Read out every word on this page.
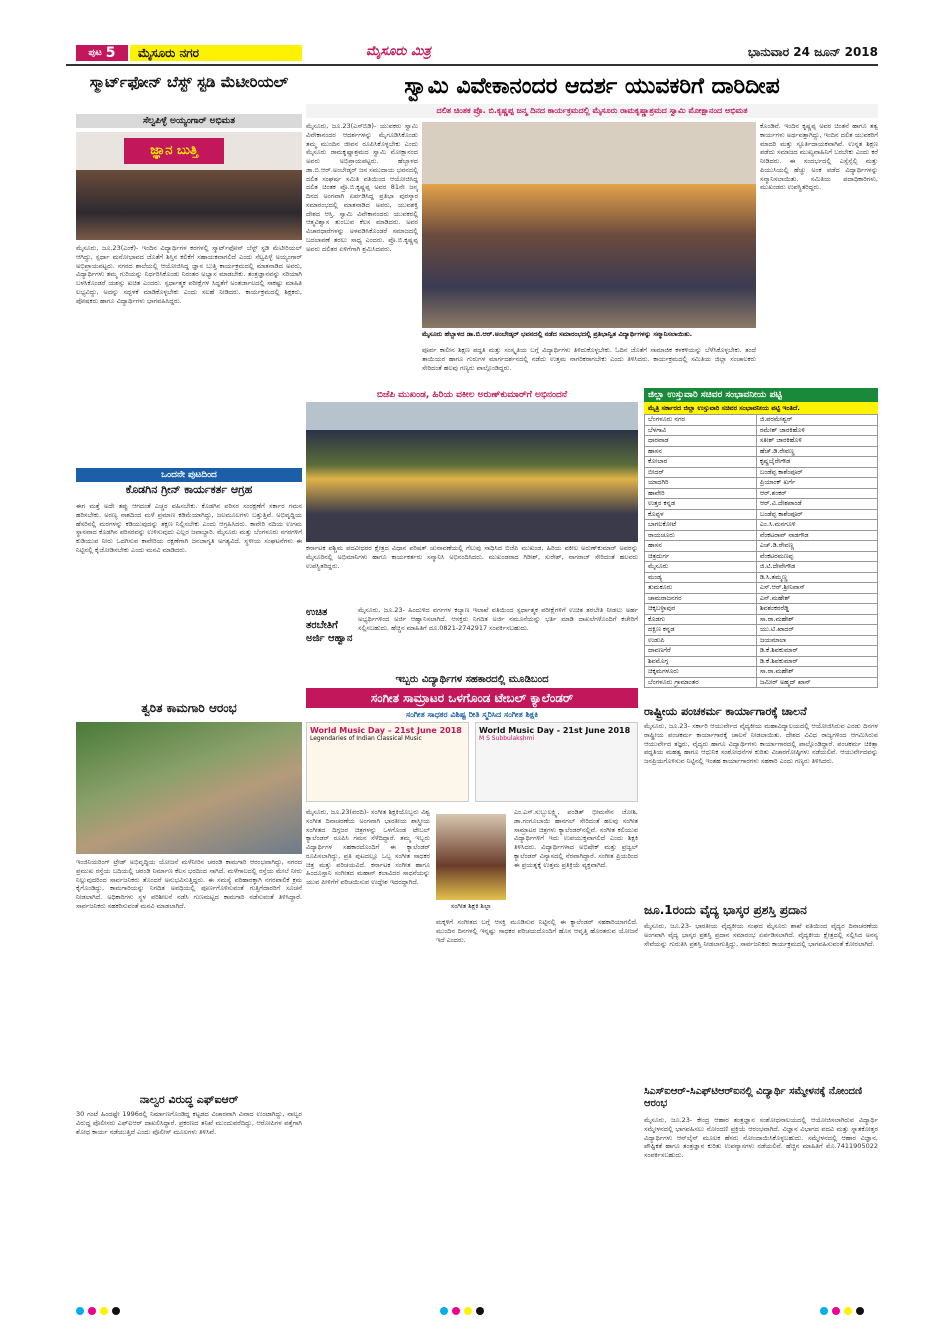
ಪುಟ 5	ಮೈಸೂರು ನಗರ	ಮೈಸೂರು ಮಿತ್ರ	ಭಾನುವಾರ 24 ಜೂನ್ 2018
ಸ್ಮಾರ್ಟ್‌ಫೋನ್ ಬೆಸ್ಟ್ ಸ್ಟಡಿ ಮೆಟೀರಿಯಲ್
ಸೆಲ್ವಪಿಳ್ಳೆ ಅಯ್ಯಂಗಾರ್ ಅಭಿಮತ
ಜ್ಞಾನ ಬುತ್ತಿ
ಮೈಸೂರು, ಜೂ.23(ಎಂಕೆ)- ಇಂದಿನ ವಿದ್ಯಾರ್ಥಿಗಳ ಕರಗಳಲ್ಲಿ ಸ್ಮಾರ್ಟ್‌ಫೋನ್ ಬೆಸ್ಟ್ ಸ್ಟಡಿ ಮೆಟೀರಿಯಲ್ ಆಗಿದ್ದು, ಸ್ಪರ್ಧಾ ಮನೋಭಾವದ ಜೊತೆಗೆ ಶಿಸ್ತಿನ ಕಲಿಕೆಗೆ ಸಹಾಯಕವಾಗಲಿದೆ ಎಂದು ಸೆಲ್ವಪಿಳ್ಳೆ ಅಯ್ಯಂಗಾರ್ ಅಭಿಪ್ರಾಯಪಟ್ಟರು. ನಗರದ ಶಾಲೆಯಲ್ಲಿ ಆಯೋಜಿಸಿದ್ದ ಜ್ಞಾನ ಬುತ್ತಿ ಕಾರ್ಯಕ್ರಮದಲ್ಲಿ ಮಾತನಾಡಿದ ಅವರು, ವಿದ್ಯಾರ್ಥಿಗಳು ತಮ್ಮ ಗುರಿಯನ್ನು ನಿರ್ಧರಿಸಿಕೊಂಡು ನಿರಂತರ ಅಭ್ಯಾಸ ಮಾಡಬೇಕು. ತಂತ್ರಜ್ಞಾನವನ್ನು ಸರಿಯಾಗಿ ಬಳಸಿಕೊಂಡರೆ ಯಶಸ್ಸು ಖಚಿತ ಎಂದರು. ಸ್ಪರ್ಧಾತ್ಮಕ ಪರೀಕ್ಷೆಗಳ ಸಿದ್ಧತೆಗೆ ಅಂತರ್ಜಾಲದಲ್ಲಿ ಸಾಕಷ್ಟು ಮಾಹಿತಿ ಲಭ್ಯವಿದ್ದು, ಅದನ್ನು ಸದ್ಬಳಕೆ ಮಾಡಿಕೊಳ್ಳಬೇಕು ಎಂದು ಸಲಹೆ ನೀಡಿದರು. ಕಾರ್ಯಕ್ರಮದಲ್ಲಿ ಶಿಕ್ಷಕರು, ಪೋಷಕರು ಹಾಗೂ ವಿದ್ಯಾರ್ಥಿಗಳು ಭಾಗವಹಿಸಿದ್ದರು.
ಒಂದನೇ ಪುಟದಿಂದ
ಕೊಡಗಿನ ಗ್ರೀನ್ ಕಾರ್ಯಕರ್ತ ಆಗ್ರಹ
ಈಗ ಮತ್ತೆ ಅದೇ ತಪ್ಪು ಆಗದಂತೆ ಎಚ್ಚರ ವಹಿಸಬೇಕು. ಕೊಡಗಿನ ಪರಿಸರ ಸಂರಕ್ಷಣೆಗೆ ಸರ್ಕಾರ ಗಮನ ಹರಿಸಬೇಕು. ಅರಣ್ಯ ನಾಶದಿಂದ ಮಳೆ ಪ್ರಮಾಣ ಕಡಿಮೆಯಾಗಿದ್ದು, ಜಲಮೂಲಗಳು ಬತ್ತುತ್ತಿವೆ. ಅಭಿವೃದ್ಧಿಯ ಹೆಸರಿನಲ್ಲಿ ಮರಗಳನ್ನು ಕಡಿಯುವುದನ್ನು ತಕ್ಷಣ ನಿಲ್ಲಿಸಬೇಕು ಎಂದು ಆಗ್ರಹಿಸಿದರು. ಕಾವೇರಿ ನದಿಯ ಉಗಮ ಸ್ಥಾನವಾದ ಕೊಡಗಿನ ಪರಿಸರವನ್ನು ಉಳಿಸುವುದು ಎಲ್ಲರ ಜವಾಬ್ದಾರಿ. ಮೈಸೂರು ಮತ್ತು ಬೆಂಗಳೂರು ನಗರಗಳಿಗೆ ಕುಡಿಯುವ ನೀರು ಒದಗಿಸುವ ಕಾವೇರಿಯ ರಕ್ಷಣೆಗಾಗಿ ಜನಜಾಗೃತಿ ಅಗತ್ಯವಿದೆ. ಸ್ಥಳೀಯ ಸಂಘಟನೆಗಳು ಈ ನಿಟ್ಟಿನಲ್ಲಿ ಕೈಜೋಡಿಸಬೇಕು ಎಂದು ಮನವಿ ಮಾಡಿದರು.
ತ್ವರಿತ ಕಾಮಗಾರಿ ಆರಂಭ
ಇಂಜಿನಿಯರಿಂಗ್ ಟ್ರೇಡ್ ಅಭಿವೃದ್ಧಿಯ ಯೋಜನೆ ಮಳೆನೀರಿನ ಚರಂಡಿ ಕಾಮಗಾರಿ ಆರಂಭವಾಗಿದ್ದು, ನಗರದ ಪ್ರಮುಖ ರಸ್ತೆಯ ಬದಿಯಲ್ಲಿ ಚರಂಡಿ ನಿರ್ಮಾಣ ಕೆಲಸ ಭರದಿಂದ ಸಾಗಿದೆ. ಮಳೆಗಾಲದಲ್ಲಿ ರಸ್ತೆಯ ಮೇಲೆ ನೀರು ನಿಲ್ಲುವುದರಿಂದ ಸಾರ್ವಜನಿಕರು ತೊಂದರೆ ಅನುಭವಿಸುತ್ತಿದ್ದರು. ಈ ಸಮಸ್ಯೆ ಪರಿಹಾರಕ್ಕಾಗಿ ನಗರಪಾಲಿಕೆ ಕ್ರಮ ಕೈಗೊಂಡಿದ್ದು, ಕಾಮಗಾರಿಯನ್ನು ನಿಗದಿತ ಅವಧಿಯಲ್ಲಿ ಪೂರ್ಣಗೊಳಿಸುವಂತೆ ಗುತ್ತಿಗೆದಾರರಿಗೆ ಸೂಚನೆ ನೀಡಲಾಗಿದೆ. ಅಧಿಕಾರಿಗಳು ಸ್ಥಳ ಪರಿಶೀಲನೆ ನಡೆಸಿ ಗುಣಮಟ್ಟದ ಕಾಮಗಾರಿ ನಡೆಸುವಂತೆ ತಿಳಿಸಿದ್ದಾರೆ. ಸಾರ್ವಜನಿಕರು ಸಹಕರಿಸುವಂತೆ ಮನವಿ ಮಾಡಲಾಗಿದೆ.
ನಾಲ್ವರ ವಿರುದ್ಧ ಎಫ್‌ಐಆರ್
30 ಗಂಟೆ ಹಿಂದಷ್ಟೇ 1996ರಲ್ಲಿ ನಿರ್ಮಾಣಗೊಂಡಿದ್ದ ಕಟ್ಟಡದ ವಿಚಾರವಾಗಿ ವಿವಾದ ಉಂಟಾಗಿದ್ದು, ನಾಲ್ವರ ವಿರುದ್ಧ ಪೊಲೀಸರು ಎಫ್‌ಐಆರ್ ದಾಖಲಿಸಿದ್ದಾರೆ. ಪ್ರಕರಣದ ತನಿಖೆ ಮುಂದುವರೆದಿದ್ದು, ಆರೋಪಿಗಳ ಪತ್ತೆಗಾಗಿ ಶೋಧ ಕಾರ್ಯ ನಡೆಯುತ್ತಿದೆ ಎಂದು ಪೊಲೀಸ್ ಮೂಲಗಳು ತಿಳಿಸಿವೆ.
ಸ್ವಾಮಿ ವಿವೇಕಾನಂದರ ಆದರ್ಶ ಯುವಕರಿಗೆ ದಾರಿದೀಪ
ದಲಿತ ಚಿಂತಕ ಪ್ರೊ. ಬಿ.ಕೃಷ್ಣಪ್ಪ ಜನ್ಮ ದಿನದ ಕಾರ್ಯಕ್ರಮದಲ್ಲಿ ಮೈಸೂರು ರಾಮಕೃಷ್ಣಾಶ್ರಮದ ಸ್ವಾಮಿ ಮೋಕ್ಷಾನಂದ ಅಭಿಮತ
ಮೈಸೂರು, ಜೂ.23(ಎಸ್‌ಬಿಡಿ)- ಯುವಕರು ಸ್ವಾಮಿ ವಿವೇಕಾನಂದರ ಆದರ್ಶಗಳನ್ನು ಮೈಗೂಡಿಸಿಕೊಂಡು ತಮ್ಮ ಮುಂದಿನ ಜೀವನ ರೂಪಿಸಿಕೊಳ್ಳಬೇಕು ಎಂದು ಮೈಸೂರು ರಾಮಕೃಷ್ಣಾಶ್ರಮದ ಸ್ವಾಮಿ ಮೋಕ್ಷಾನಂದ ಅವರು ಅಭಿಪ್ರಾಯಪಟ್ಟರು. ಹೆಬ್ಬಾಳದ ಡಾ.ಬಿ.ಆರ್.ಅಂಬೇಡ್ಕರ್ ಜನ ಸಮುದಾಯ ಭವನದಲ್ಲಿ ದಲಿತ ಸಂಘರ್ಷ ಸಮಿತಿ ವತಿಯಿಂದ ಆಯೋಜಿಸಿದ್ದ ದಲಿತ ಚಿಂತಕ ಪ್ರೊ.ಬಿ.ಕೃಷ್ಣಪ್ಪ ಅವರ 81ನೇ ಜನ್ಮ ದಿನದ ಅಂಗವಾಗಿ ಏರ್ಪಡಿಸಿದ್ದ ಪ್ರತಿಭಾ ಪುರಸ್ಕಾರ ಸಮಾರಂಭದಲ್ಲಿ ಮಾತನಾಡಿದ ಅವರು, ಯುವಶಕ್ತಿ ದೇಶದ ಆಸ್ತಿ. ಸ್ವಾಮಿ ವಿವೇಕಾನಂದರು ಯುವಕರಲ್ಲಿ ಆತ್ಮವಿಶ್ವಾಸ ತುಂಬುವ ಕೆಲಸ ಮಾಡಿದರು. ಅವರ ವಿಚಾರಧಾರೆಗಳನ್ನು ಅಳವಡಿಸಿಕೊಂಡರೆ ಸಮಾಜದಲ್ಲಿ ಬದಲಾವಣೆ ತರಲು ಸಾಧ್ಯ ಎಂದರು. ಪ್ರೊ.ಬಿ.ಕೃಷ್ಣಪ್ಪ ಅವರು ದಲಿತರ ಏಳಿಗೆಗಾಗಿ ಶ್ರಮಿಸಿದವರು.
ಮೈಸೂರು ಹೆಬ್ಬಾಳದ ಡಾ.ಬಿ.ಆರ್.ಅಂಬೇಡ್ಕರ್ ಭವನದಲ್ಲಿ ನಡೆದ ಸಮಾರಂಭದಲ್ಲಿ ಪ್ರತಿಭಾನ್ವಿತ ವಿದ್ಯಾರ್ಥಿಗಳನ್ನು ಸನ್ಮಾನಿಸಲಾಯಿತು.
ಪೂರ್ವ ಕಾಲೀನ ಶಿಕ್ಷಣ ಪದ್ಧತಿ ಮತ್ತು ಸಂಸ್ಕೃತಿಯ ಬಗ್ಗೆ ವಿದ್ಯಾರ್ಥಿಗಳು ತಿಳಿದುಕೊಳ್ಳಬೇಕು. ಓದಿನ ಜೊತೆಗೆ ಸಾಮಾಜಿಕ ಕಳಕಳಿಯನ್ನು ಬೆಳೆಸಿಕೊಳ್ಳಬೇಕು. ತಂದೆ ತಾಯಿಯರ ಹಾಗೂ ಗುರುಗಳ ಮಾರ್ಗದರ್ಶನದಲ್ಲಿ ನಡೆದು ಉತ್ತಮ ನಾಗರಿಕರಾಗಬೇಕು ಎಂದು ತಿಳಿಸಿದರು. ಕಾರ್ಯಕ್ರಮದಲ್ಲಿ ಸಮಿತಿಯ ಜಿಲ್ಲಾ ಸಂಚಾಲಕರು ಸೇರಿದಂತೆ ಹಲವು ಗಣ್ಯರು ಪಾಲ್ಗೊಂಡಿದ್ದರು.
ಕೊಂಡಿವೆ. ಇಂದಿನ ಕೃಷ್ಣಪ್ಪ ಅವರ ಚಿಂತನೆ ಹಾಗೂ ತತ್ವ ಕಾರ್ಯಗಳು ಅರ್ಥವತ್ತಾಗಿದ್ದು, ಇಂದಿನ ದಲಿತ ಯುವಕರಿಗೆ ಮಾದರಿ ಮತ್ತು ಸ್ಫೂರ್ತಿದಾಯಕವಾಗಿವೆ. ಉನ್ನತ ಶಿಕ್ಷಣ ಪಡೆದು ಸಮಾಜದ ಮುಖ್ಯವಾಹಿನಿಗೆ ಬರಬೇಕು ಎಂದು ಕರೆ ನೀಡಿದರು. ಈ ಸಂದರ್ಭದಲ್ಲಿ ಎಸ್ಸೆಸ್ಸೆಲ್ಸಿ ಮತ್ತು ಪಿಯುಸಿಯಲ್ಲಿ ಹೆಚ್ಚು ಅಂಕ ಪಡೆದ ವಿದ್ಯಾರ್ಥಿಗಳನ್ನು ಸನ್ಮಾನಿಸಲಾಯಿತು. ಸಮಿತಿಯ ಪದಾಧಿಕಾರಿಗಳು, ಮುಖಂಡರು ಉಪಸ್ಥಿತರಿದ್ದರು.
ಬಿಜೆಪಿ ಮುಖಂಡ, ಹಿರಿಯ ವಕೀಲ ಅರುಣ್‌ಕುಮಾರ್‌ಗೆ ಅಭಿನಂದನೆ
ಕರ್ನಾಟಕ ಪಶ್ಚಿಮ ಪದವೀಧರರ ಕ್ಷೇತ್ರದ ವಿಧಾನ ಪರಿಷತ್ ಚುನಾವಣೆಯಲ್ಲಿ ಗೆಲುವು ಸಾಧಿಸಿದ ಬಿಜೆಪಿ ಮುಖಂಡ, ಹಿರಿಯ ವಕೀಲ ಅರುಣ್‌ಕುಮಾರ್ ಅವರನ್ನು ಮೈಸೂರಿನಲ್ಲಿ ಅಭಿಮಾನಿಗಳು ಹಾಗೂ ಕಾರ್ಯಕರ್ತರು ಸನ್ಮಾನಿಸಿ ಅಭಿನಂದಿಸಿದರು. ಮುಖಂಡರಾದ ಗಿರೀಶ್, ಸುರೇಶ್, ನಾಗರಾಜ್ ಸೇರಿದಂತೆ ಹಲವರು ಉಪಸ್ಥಿತರಿದ್ದರು.
ಉಚಿತ ತರಬೇತಿಗೆ ಅರ್ಜಿ ಆಹ್ವಾನ
ಮೈಸೂರು, ಜೂ.23- ಹಿಂದುಳಿದ ವರ್ಗಗಳ ಕಲ್ಯಾಣ ಇಲಾಖೆ ವತಿಯಿಂದ ಸ್ಪರ್ಧಾತ್ಮಕ ಪರೀಕ್ಷೆಗಳಿಗೆ ಉಚಿತ ತರಬೇತಿ ನೀಡಲು ಅರ್ಹ ಅಭ್ಯರ್ಥಿಗಳಿಂದ ಅರ್ಜಿ ಆಹ್ವಾನಿಸಲಾಗಿದೆ. ಆಸಕ್ತರು ನಿಗದಿತ ಅರ್ಜಿ ನಮೂನೆಯನ್ನು ಭರ್ತಿ ಮಾಡಿ ದಾಖಲೆಗಳೊಂದಿಗೆ ಕಚೇರಿಗೆ ಸಲ್ಲಿಸಬಹುದು. ಹೆಚ್ಚಿನ ಮಾಹಿತಿಗೆ ದೂ.0821-2742917 ಸಂಪರ್ಕಿಸಬಹುದು.
ಇಬ್ಬರು ವಿದ್ಯಾರ್ಥಿಗಳ ಸಹಕಾರದಲ್ಲಿ ಮೂಡಿಬಂದ
ಸಂಗೀತ ಸಾಮ್ರಾಟರ ಒಳಗೊಂಡ ಟೇಬಲ್ ಕ್ಯಾಲೆಂಡರ್
ಸಂಗೀತ ಸಾಧಕರ ವಿಶಿಷ್ಟ ರೀತಿ ಸ್ಮರಿಸಿದ ಸಂಗೀತ ಶಿಕ್ಷಕಿ
World Music Day – 21st June 2018
Legendaries of Indian Classical Music
World Music Day - 21st June 2018
M S Subbulakshmi
ಸಂಗೀತ ಶಿಕ್ಷಕಿ ಶಿಲ್ಪಾ
ಮೈಸೂರು, ಜೂ.23(ವರದಿ)- ಸಂಗೀತ ಶಿಕ್ಷಕಿಯೊಬ್ಬರು ವಿಶ್ವ ಸಂಗೀತ ದಿನಾಚರಣೆಯ ಅಂಗವಾಗಿ ಭಾರತೀಯ ಶಾಸ್ತ್ರೀಯ ಸಂಗೀತದ ದಿಗ್ಗಜರ ಚಿತ್ರಗಳನ್ನು ಒಳಗೊಂಡ ಟೇಬಲ್ ಕ್ಯಾಲೆಂಡರ್ ರೂಪಿಸಿ ಗಮನ ಸೆಳೆದಿದ್ದಾರೆ. ತಮ್ಮ ಇಬ್ಬರು ವಿದ್ಯಾರ್ಥಿಗಳ ಸಹಕಾರದೊಂದಿಗೆ ಈ ಕ್ಯಾಲೆಂಡರ್ ರೂಪಿಸಲಾಗಿದ್ದು, ಪ್ರತಿ ಪುಟದಲ್ಲೂ ಒಬ್ಬ ಸಂಗೀತ ಸಾಧಕರ ಚಿತ್ರ ಮತ್ತು ಪರಿಚಯವಿದೆ. ಕರ್ನಾಟಕ ಸಂಗೀತ ಹಾಗೂ ಹಿಂದೂಸ್ತಾನಿ ಸಂಗೀತದ ಮಹಾನ್ ಕಲಾವಿದರ ಸಾಧನೆಯನ್ನು ಯುವ ಪೀಳಿಗೆಗೆ ಪರಿಚಯಿಸುವ ಉದ್ದೇಶ ಇದರದ್ದಾಗಿದೆ.
ಎಂ.ಎಸ್.ಸುಬ್ಬುಲಕ್ಷ್ಮಿ, ಪಂಡಿತ್ ಭೀಮಸೇನ ಜೋಶಿ, ಡಾ.ಗಂಗೂಬಾಯಿ ಹಾನಗಲ್ ಸೇರಿದಂತೆ ಹಲವು ಸಂಗೀತ ಸಾಮ್ರಾಟರ ಚಿತ್ರಗಳು ಕ್ಯಾಲೆಂಡರ್‌ನಲ್ಲಿವೆ. ಸಂಗೀತ ಕಲಿಯುವ ವಿದ್ಯಾರ್ಥಿಗಳಿಗೆ ಇದು ಉಪಯುಕ್ತವಾಗಲಿದೆ ಎಂದು ಶಿಕ್ಷಕಿ ತಿಳಿಸಿದರು. ವಿದ್ಯಾರ್ಥಿಗಳಾದ ಅಭಿಷೇಕ್ ಮತ್ತು ಪ್ರಜ್ವಲ್ ಕ್ಯಾಲೆಂಡರ್ ವಿನ್ಯಾಸದಲ್ಲಿ ನೆರವಾಗಿದ್ದಾರೆ. ಸಂಗೀತ ಪ್ರಿಯರಿಂದ ಈ ಪ್ರಯತ್ನಕ್ಕೆ ಉತ್ತಮ ಪ್ರತಿಕ್ರಿಯೆ ವ್ಯಕ್ತವಾಗಿದೆ.
ಮಕ್ಕಳಿಗೆ ಸಂಗೀತದ ಬಗ್ಗೆ ಆಸಕ್ತಿ ಮೂಡಿಸುವ ನಿಟ್ಟಿನಲ್ಲಿ ಈ ಕ್ಯಾಲೆಂಡರ್ ಸಹಕಾರಿಯಾಗಲಿದೆ. ಮುಂದಿನ ದಿನಗಳಲ್ಲಿ ಇನ್ನಷ್ಟು ಸಾಧಕರ ಪರಿಚಯದೊಂದಿಗೆ ಹೊಸ ಆವೃತ್ತಿ ಹೊರತರುವ ಯೋಜನೆ ಇದೆ ಎಂದರು.
ಜಿಲ್ಲಾ ಉಸ್ತುವಾರಿ ಸಚಿವರ ಸಂಭಾವನೀಯ ಪಟ್ಟಿ
ಮೈತ್ರಿ ಸರ್ಕಾರದ ಜಿಲ್ಲಾ ಉಸ್ತುವಾರಿ ಸಚಿವರ ಸಂಭಾವನೀಯ ಪಟ್ಟಿ ಇಂತಿದೆ.
ಬೆಂಗಳೂರು ನಗರ	ಜಿ.ಪರಮೇಶ್ವರ್
ಬೆಳಗಾವಿ	ರಮೇಶ್ ಜಾರಕಿಹೊಳಿ
ಧಾರವಾಡ	ಸತೀಶ್ ಜಾರಕಿಹೊಳಿ
ಹಾಸನ	ಹೆಚ್.ಡಿ.ರೇವಣ್ಣ
ಕೋಲಾರ	ಕೃಷ್ಣಬೈರೇಗೌಡ
ಬೀದರ್	ಬಂಡೆಪ್ಪ ಕಾಶೆಂಪೂರ್
ಯಾದಗಿರಿ	ಪ್ರಿಯಾಂಕ್ ಖರ್ಗೆ
ಹಾವೇರಿ	ಆರ್.ಶಂಕರ್
ಉತ್ತರ ಕನ್ನಡ	ಆರ್.ವಿ.ದೇಶಪಾಂಡೆ
ಕೊಪ್ಪಳ	ಬಂಡೆಪ್ಪ ಕಾಶೆಂಪೂರ್
ಬಾಗಲಕೋಟೆ	ಎಂ.ಸಿ.ಮನಗೂಳಿ
ರಾಯಚೂರು	ವೆಂಕಟರಾವ್ ನಾಡಗೌಡ
ಹಾಸನ	ಎಚ್.ಡಿ.ರೇವಣ್ಣ
ಚಿತ್ರದುರ್ಗ	ವೆಂಕಟರಮಣಪ್ಪ
ಮೈಸೂರು	ಜಿ.ಟಿ.ದೇವೇಗೌಡ
ಮಂಡ್ಯ	ಡಿ.ಸಿ.ತಮ್ಮಣ್ಣ
ತುಮಕೂರು	ಎಸ್.ಆರ್.ಶ್ರೀನಿವಾಸ್
ಚಾಮರಾಜನಗರ	ಎನ್.ಮಹೇಶ್
ಚಿಕ್ಕಬಳ್ಳಾಪುರ	ಶಿವಶಂಕರರೆಡ್ಡಿ
ಕೊಡಗು	ಸಾ.ರಾ.ಮಹೇಶ್
ದಕ್ಷಿಣ ಕನ್ನಡ	ಯು.ಟಿ.ಖಾದರ್
ಉಡುಪಿ	ಜಯಮಾಲಾ
ದಾವಣಗೆರೆ	ಡಿ.ಕೆ.ಶಿವಕುಮಾರ್
ಶಿವಮೊಗ್ಗ	ಡಿ.ಕೆ.ಶಿವಕುಮಾರ್
ಚಿಕ್ಕಮಗಳೂರು	ಸಾ.ರಾ.ಮಹೇಶ್
ಬೆಂಗಳೂರು ಗ್ರಾಮಾಂತರ	ಜಮೀರ್ ಅಹ್ಮದ್ ಖಾನ್
ರಾಷ್ಟ್ರೀಯ ಪಂಚಕರ್ಮ ಕಾರ್ಯಾಗಾರಕ್ಕೆ ಚಾಲನೆ
ಮೈಸೂರು, ಜೂ.23- ಸರ್ಕಾರಿ ಆಯುರ್ವೇದ ವೈದ್ಯಕೀಯ ಮಹಾವಿದ್ಯಾಲಯದಲ್ಲಿ ಆಯೋಜಿಸಿರುವ ಎರಡು ದಿನಗಳ ರಾಷ್ಟ್ರೀಯ ಪಂಚಕರ್ಮ ಕಾರ್ಯಾಗಾರಕ್ಕೆ ಚಾಲನೆ ನೀಡಲಾಯಿತು. ದೇಶದ ವಿವಿಧ ರಾಜ್ಯಗಳಿಂದ ಆಗಮಿಸಿರುವ ಆಯುರ್ವೇದ ತಜ್ಞರು, ವೈದ್ಯರು ಹಾಗೂ ವಿದ್ಯಾರ್ಥಿಗಳು ಕಾರ್ಯಾಗಾರದಲ್ಲಿ ಪಾಲ್ಗೊಂಡಿದ್ದಾರೆ. ಪಂಚಕರ್ಮ ಚಿಕಿತ್ಸಾ ಪದ್ಧತಿಯ ಮಹತ್ವ ಹಾಗೂ ಆಧುನಿಕ ಸಂಶೋಧನೆಗಳ ಕುರಿತು ವಿಚಾರಗೋಷ್ಠಿಗಳು ನಡೆಯಲಿವೆ. ಆಯುರ್ವೇದವನ್ನು ಜನಪ್ರಿಯಗೊಳಿಸುವ ನಿಟ್ಟಿನಲ್ಲಿ ಇಂತಹ ಕಾರ್ಯಾಗಾರಗಳು ಸಹಕಾರಿ ಎಂದು ಗಣ್ಯರು ತಿಳಿಸಿದರು.
ಜೂ.1ರಂದು ವೈದ್ಯ ಭಾಸ್ಕರ ಪ್ರಶಸ್ತಿ ಪ್ರದಾನ
ಮೈಸೂರು, ಜೂ.23- ಭಾರತೀಯ ವೈದ್ಯಕೀಯ ಸಂಘದ ಮೈಸೂರು ಶಾಖೆ ವತಿಯಿಂದ ವೈದ್ಯರ ದಿನಾಚರಣೆಯ ಅಂಗವಾಗಿ ವೈದ್ಯ ಭಾಸ್ಕರ ಪ್ರಶಸ್ತಿ ಪ್ರದಾನ ಸಮಾರಂಭ ಏರ್ಪಡಿಸಲಾಗಿದೆ. ವೈದ್ಯಕೀಯ ಕ್ಷೇತ್ರದಲ್ಲಿ ಸಲ್ಲಿಸಿದ ಅನನ್ಯ ಸೇವೆಯನ್ನು ಗುರುತಿಸಿ ಪ್ರಶಸ್ತಿ ನೀಡಲಾಗುತ್ತಿದ್ದು, ಸಾರ್ವಜನಿಕರು ಕಾರ್ಯಕ್ರಮದಲ್ಲಿ ಭಾಗವಹಿಸುವಂತೆ ಕೋರಲಾಗಿದೆ.
ಸಿಎಸ್‌ಐಆರ್-ಸಿಎಫ್‌ಟಿಆರ್‌ಐನಲ್ಲಿ ವಿದ್ಯಾರ್ಥಿ ಸಮ್ಮೇಳನಕ್ಕೆ ನೋಂದಣಿ ಆರಂಭ
ಮೈಸೂರು, ಜೂ.23- ಕೇಂದ್ರ ಆಹಾರ ತಂತ್ರಜ್ಞಾನ ಸಂಶೋಧನಾಲಯದಲ್ಲಿ ಆಯೋಜಿಸಲಾಗಿರುವ ವಿದ್ಯಾರ್ಥಿ ಸಮ್ಮೇಳನದಲ್ಲಿ ಭಾಗವಹಿಸಲು ನೋಂದಣಿ ಪ್ರಕ್ರಿಯೆ ಆರಂಭವಾಗಿದೆ. ವಿಜ್ಞಾನ ವಿಭಾಗದ ಪದವಿ ಮತ್ತು ಸ್ನಾತಕೋತ್ತರ ವಿದ್ಯಾರ್ಥಿಗಳು ಆನ್‌ಲೈನ್ ಮೂಲಕ ಹೆಸರು ನೋಂದಾಯಿಸಿಕೊಳ್ಳಬಹುದು. ಸಮ್ಮೇಳನದಲ್ಲಿ ಆಹಾರ ವಿಜ್ಞಾನ, ಪೌಷ್ಟಿಕತೆ ಹಾಗೂ ತಂತ್ರಜ್ಞಾನ ಕುರಿತು ಉಪನ್ಯಾಸಗಳು ನಡೆಯಲಿವೆ. ಹೆಚ್ಚಿನ ಮಾಹಿತಿಗೆ ಮೊ.7411905022 ಸಂಪರ್ಕಿಸಬಹುದು.
